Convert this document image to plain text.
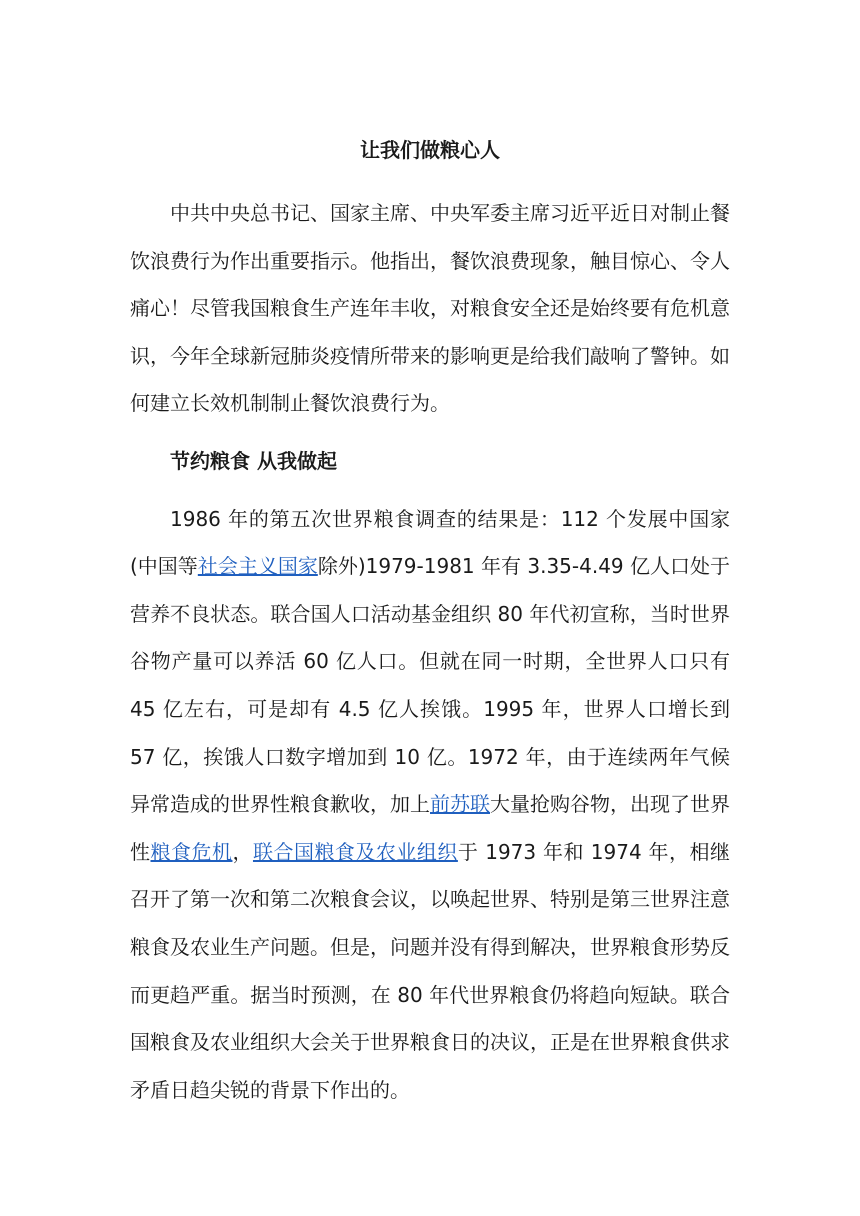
让我们做粮心人

中共中央总书记、国家主席、中央军委主席习近平近日对制止餐饮浪费行为作出重要指示。他指出，餐饮浪费现象，触目惊心、令人痛心！尽管我国粮食生产连年丰收，对粮食安全还是始终要有危机意识，今年全球新冠肺炎疫情所带来的影响更是给我们敲响了警钟。如何建立长效机制制止餐饮浪费行为。

节约粮食 从我做起

1986 年的第五次世界粮食调查的结果是：112 个发展中国家(中国等社会主义国家除外)1979-1981 年有 3.35-4.49 亿人口处于营养不良状态。联合国人口活动基金组织 80 年代初宣称，当时世界谷物产量可以养活 60 亿人口。但就在同一时期，全世界人口只有 45 亿左右，可是却有 4.5 亿人挨饿。1995 年，世界人口增长到 57 亿，挨饿人口数字增加到 10 亿。1972 年，由于连续两年气候异常造成的世界性粮食歉收，加上前苏联大量抢购谷物，出现了世界性粮食危机，联合国粮食及农业组织于 1973 年和 1974 年，相继召开了第一次和第二次粮食会议，以唤起世界、特别是第三世界注意粮食及农业生产问题。但是，问题并没有得到解决，世界粮食形势反而更趋严重。据当时预测，在 80 年代世界粮食仍将趋向短缺。联合国粮食及农业组织大会关于世界粮食日的决议，正是在世界粮食供求矛盾日趋尖锐的背景下作出的。
